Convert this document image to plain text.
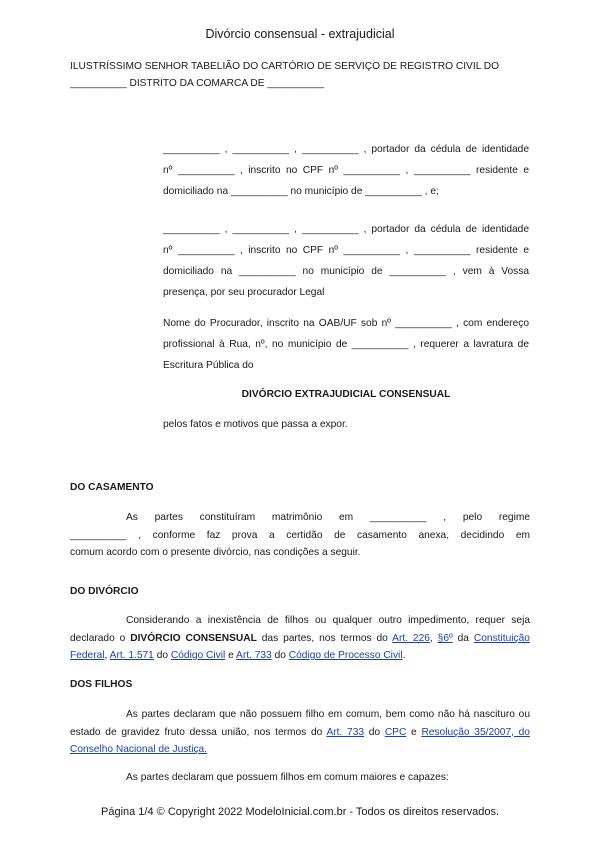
Divórcio consensual - extrajudicial
ILUSTRÍSSIMO SENHOR TABELIÃO DO CARTÓRIO DE SERVIÇO DE REGISTRO CIVIL DO
__________ DISTRITO DA COMARCA DE __________
__________ , __________ , __________ , portador da cédula de identidade
nº __________ , inscrito no CPF nº __________ , __________ residente e
domiciliado na __________ no município de __________ , e;
__________ , __________ , __________ , portador da cédula de identidade
nº __________ , inscrito no CPF nº __________ , __________ residente e
domiciliado na __________ no município de __________ , vem à Vossa
presença, por seu procurador Legal
Nome do Procurador, inscrito na OAB/UF sob nº __________ , com endereço
profissional à Rua, nº, no município de __________ , requerer a lavratura de
Escritura Pública do
DIVÓRCIO EXTRAJUDICIAL CONSENSUAL
pelos fatos e motivos que passa a expor.
DO CASAMENTO
As partes constituíram matrimônio em __________ , pelo regime
__________ , conforme faz prova a certidão de casamento anexa, decidindo em
comum acordo com o presente divórcio, nas condições a seguir.
DO DIVÓRCIO
Considerando a inexistência de filhos ou qualquer outro impedimento, requer seja
declarado o DIVÓRCIO CONSENSUAL das partes, nos termos do Art. 226, §6º da Constituição
Federal, Art. 1.571 do Código Civil e Art. 733 do Código de Processo Civil.
DOS FILHOS
As partes declaram que não possuem filho em comum, bem como não há nascituro ou
estado de gravidez fruto dessa união, nos termos do Art. 733 do CPC e Resolução 35/2007, do
Conselho Nacional de Justiça.
As partes declaram que possuem filhos em comum maiores e capazes:
Página 1/4 © Copyright 2022 ModeloInicial.com.br - Todos os direitos reservados.
